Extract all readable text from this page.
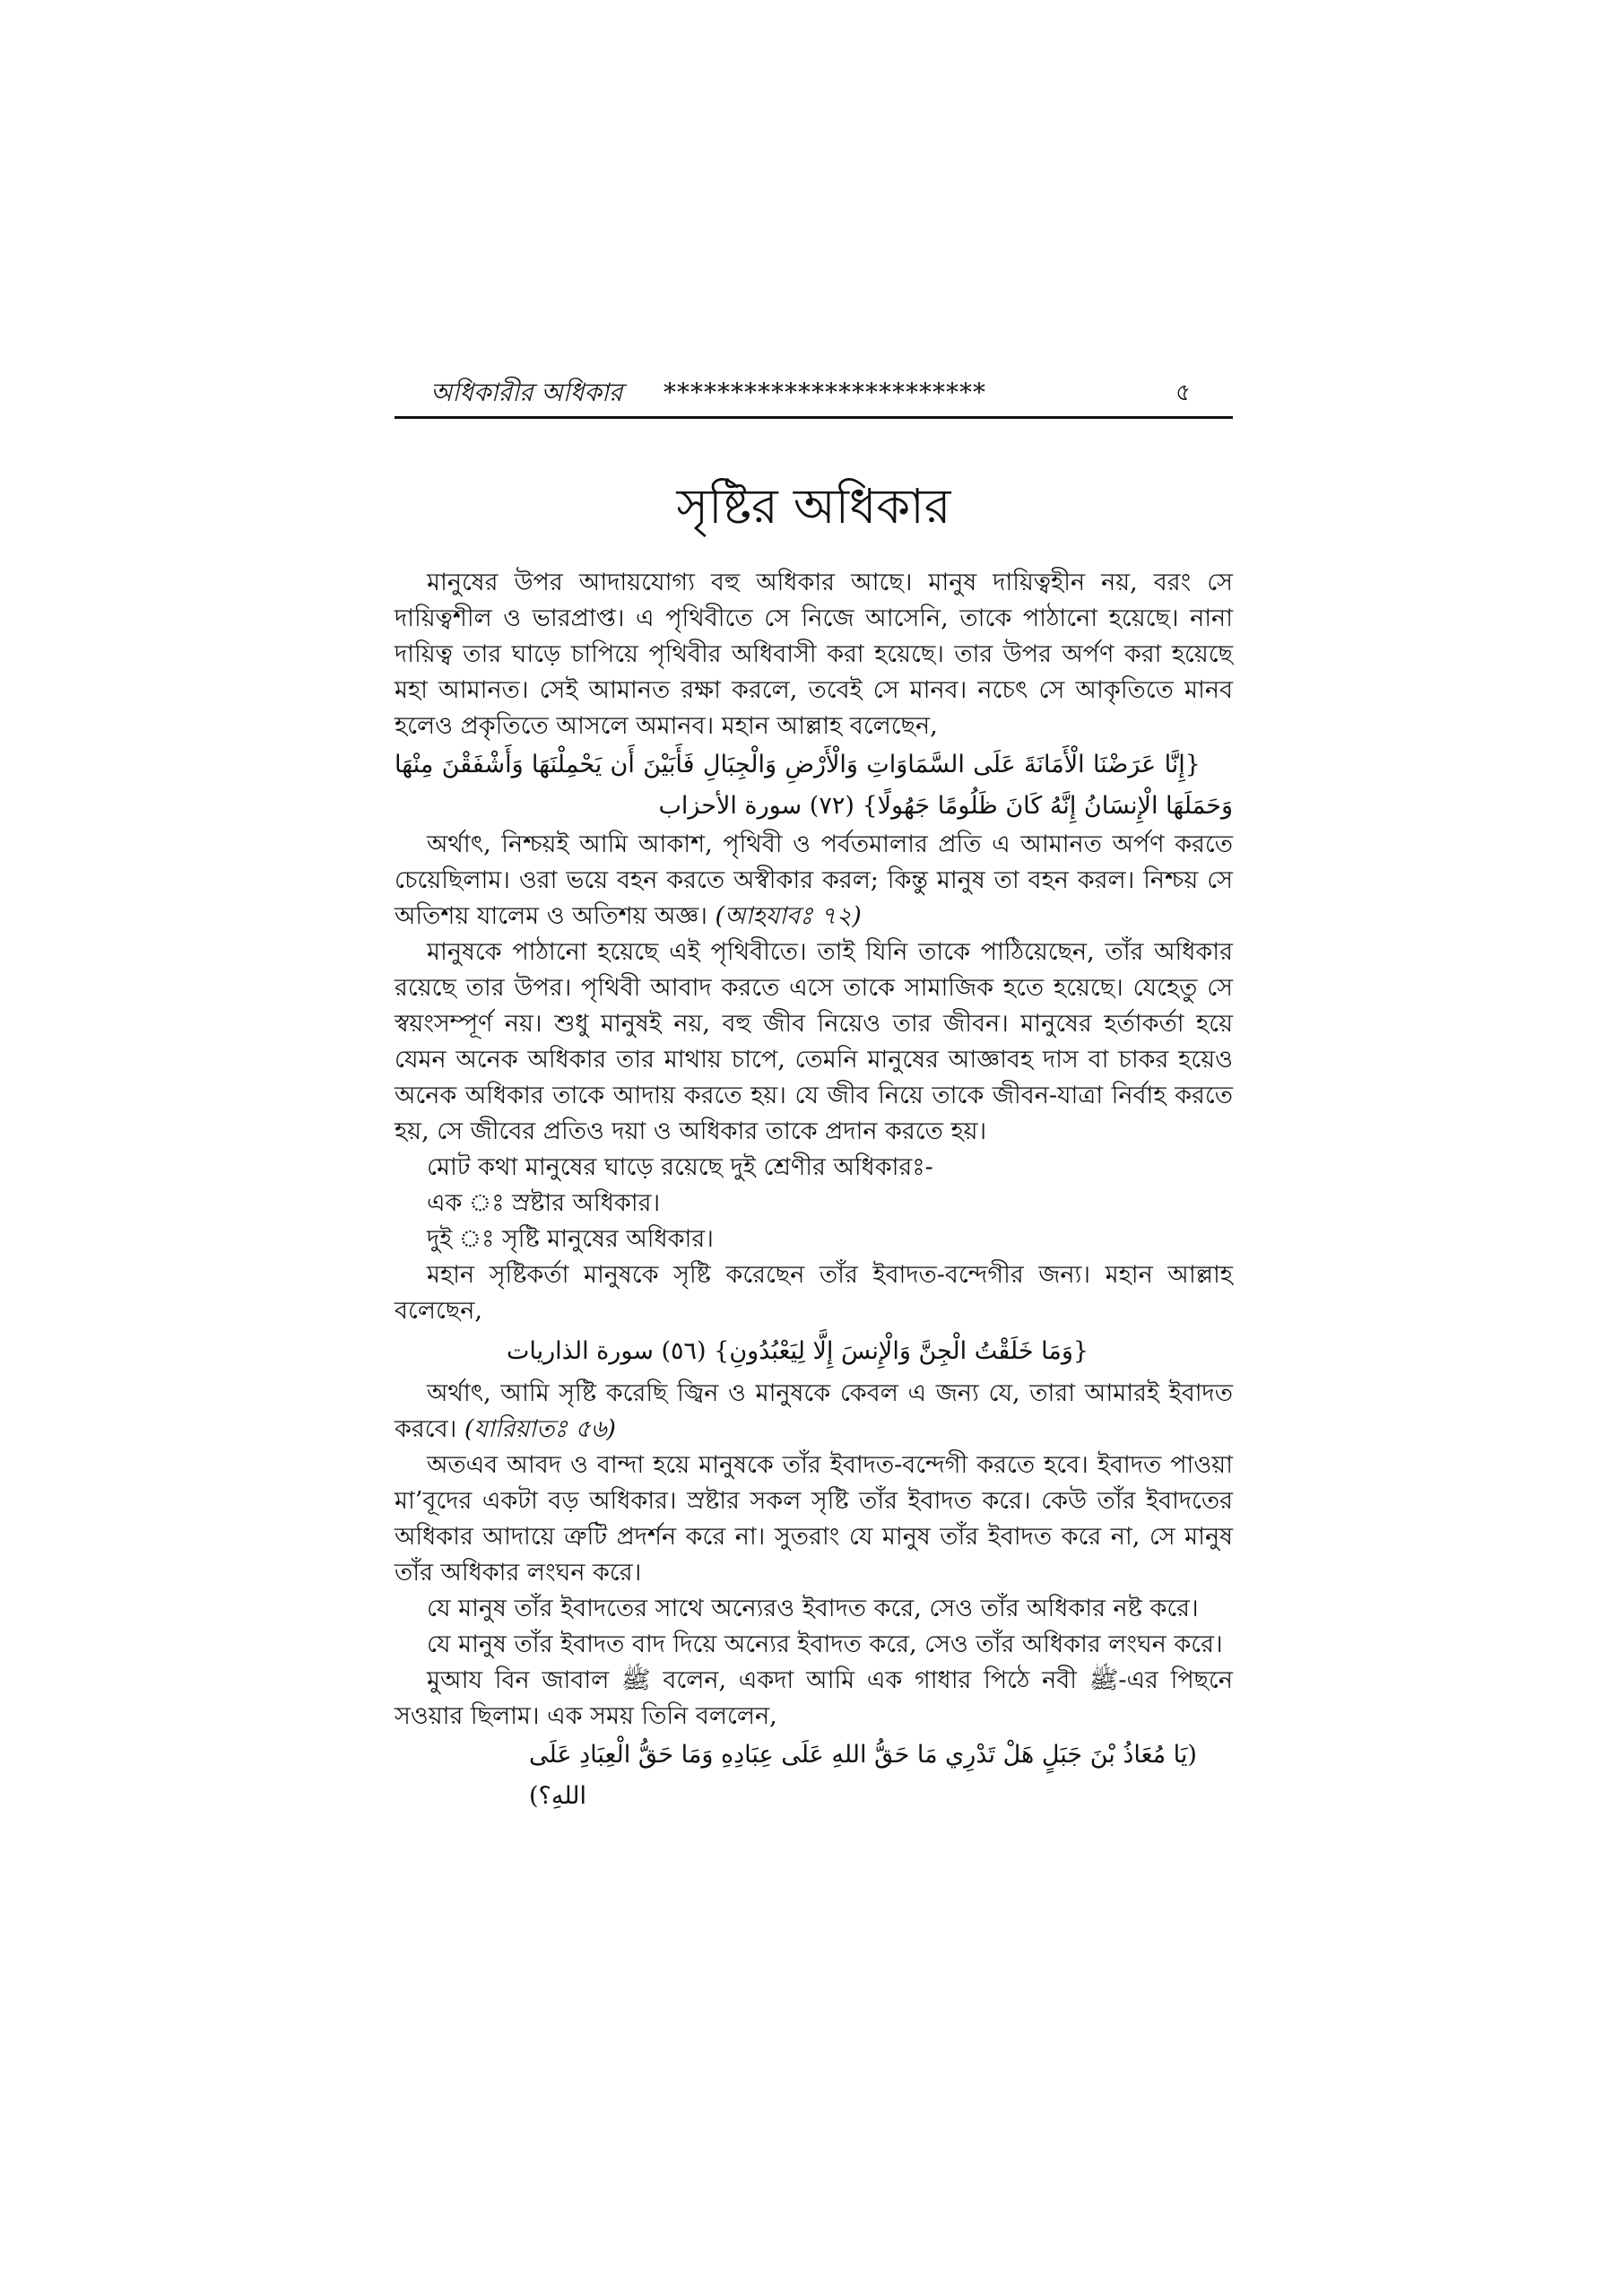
অধিকারীর অধিকার ************************	৫
সৃষ্টির অধিকার

মানুষের উপর আদায়যোগ্য বহু অধিকার আছে। মানুষ দায়িত্বহীন নয়, বরং সে দায়িত্বশীল ও ভারপ্রাপ্ত। এ পৃথিবীতে সে নিজে আসেনি, তাকে পাঠানো হয়েছে। নানা দায়িত্ব তার ঘাড়ে চাপিয়ে পৃথিবীর অধিবাসী করা হয়েছে। তার উপর অর্পণ করা হয়েছে মহা আমানত। সেই আমানত রক্ষা করলে, তবেই সে মানব। নচেৎ সে আকৃতিতে মানব হলেও প্রকৃতিতে আসলে অমানব। মহান আল্লাহ বলেছেন,

{إِنَّا عَرَضْنَا الْأَمَانَةَ عَلَى السَّمَاوَاتِ وَالْأَرْضِ وَالْجِبَالِ فَأَبَيْنَ أَن يَحْمِلْنَهَا وَأَشْفَقْنَ مِنْهَا وَحَمَلَهَا الْإِنسَانُ إِنَّهُ كَانَ ظَلُومًا جَهُولًا} (٧٢) سورة الأحزاب

অর্থাৎ, নিশ্চয়ই আমি আকাশ, পৃথিবী ও পর্বতমালার প্রতি এ আমানত অর্পণ করতে চেয়েছিলাম। ওরা ভয়ে বহন করতে অস্বীকার করল; কিন্তু মানুষ তা বহন করল। নিশ্চয় সে অতিশয় যালেম ও অতিশয় অজ্ঞ। (আহযাবঃ ৭২)

মানুষকে পাঠানো হয়েছে এই পৃথিবীতে। তাই যিনি তাকে পাঠিয়েছেন, তাঁর অধিকার রয়েছে তার উপর। পৃথিবী আবাদ করতে এসে তাকে সামাজিক হতে হয়েছে। যেহেতু সে স্বয়ংসম্পূর্ণ নয়। শুধু মানুষই নয়, বহু জীব নিয়েও তার জীবন। মানুষের হর্তাকর্তা হয়ে যেমন অনেক অধিকার তার মাথায় চাপে, তেমনি মানুষের আজ্ঞাবহ দাস বা চাকর হয়েও অনেক অধিকার তাকে আদায় করতে হয়। যে জীব নিয়ে তাকে জীবন-যাত্রা নির্বাহ করতে হয়, সে জীবের প্রতিও দয়া ও অধিকার তাকে প্রদান করতে হয়।

মোট কথা মানুষের ঘাড়ে রয়েছে দুই শ্রেণীর অধিকারঃ-

এক ঃ স্রষ্টার অধিকার।

দুই ঃ সৃষ্টি মানুষের অধিকার।

মহান সৃষ্টিকর্তা মানুষকে সৃষ্টি করেছেন তাঁর ইবাদত-বন্দেগীর জন্য। মহান আল্লাহ বলেছেন,

{وَمَا خَلَقْتُ الْجِنَّ وَالْإِنسَ إِلَّا لِيَعْبُدُونِ} (٥٦) سورة الذاريات

অর্থাৎ, আমি সৃষ্টি করেছি জ্বিন ও মানুষকে কেবল এ জন্য যে, তারা আমারই ইবাদত করবে। (যারিয়াতঃ ৫৬)

অতএব আবদ ও বান্দা হয়ে মানুষকে তাঁর ইবাদত-বন্দেগী করতে হবে। ইবাদত পাওয়া মা’বূদের একটা বড় অধিকার। স্রষ্টার সকল সৃষ্টি তাঁর ইবাদত করে। কেউ তাঁর ইবাদতের অধিকার আদায়ে ত্রুটি প্রদর্শন করে না। সুতরাং যে মানুষ তাঁর ইবাদত করে না, সে মানুষ তাঁর অধিকার লংঘন করে।

যে মানুষ তাঁর ইবাদতের সাথে অন্যেরও ইবাদত করে, সেও তাঁর অধিকার নষ্ট করে।

যে মানুষ তাঁর ইবাদত বাদ দিয়ে অন্যের ইবাদত করে, সেও তাঁর অধিকার লংঘন করে।

মুআয বিন জাবাল ﷺ বলেন, একদা আমি এক গাধার পিঠে নবী ﷺ-এর পিছনে সওয়ার ছিলাম। এক সময় তিনি বললেন,

(يَا مُعَاذُ بْنَ جَبَلٍ هَلْ تَدْرِي مَا حَقُّ اللهِ عَلَى عِبَادِهِ وَمَا حَقُّ الْعِبَادِ عَلَى اللهِ؟)
